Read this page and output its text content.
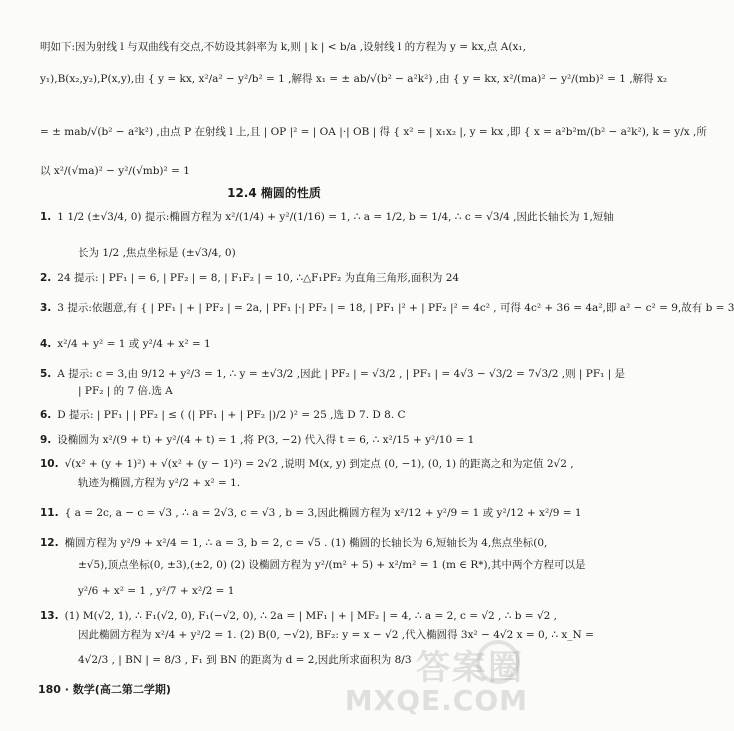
明如下:因为射线 l 与双曲线有交点,不妨设其斜率为 k,则 | k | < b/a ,设射线 l 的方程为 y = kx,点 A(x₁,
y₁),B(x₂,y₂),P(x,y),由 { y = kx, x²/a² − y²/b² = 1 ,解得 x₁ = ± ab/√(b² − a²k²) ,由 { y = kx, x²/(ma)² − y²/(mb)² = 1 ,解得 x₂
= ± mab/√(b² − a²k²) ,由点 P 在射线 l 上,且 | OP |² = | OA |·| OB | 得 { x² = | x₁x₂ |, y = kx ,即 { x = a²b²m/(b² − a²k²), k = y/x ,所
以 x²/(√ma)² − y²/(√mb)² = 1
1. 1 1/2 (±√3/4, 0) 提示:椭圆方程为 x²/(1/4) + y²/(1/16) = 1, ∴ a = 1/2, b = 1/4, ∴ c = √3/4 ,因此长轴长为 1,短轴
长为 1/2 ,焦点坐标是 (±√3/4, 0)
2. 24 提示: | PF₁ | = 6, | PF₂ | = 8, | F₁F₂ | = 10, ∴△F₁PF₂ 为直角三角形,面积为 24
3. 3 提示:依题意,有 { | PF₁ | + | PF₂ | = 2a, | PF₁ |·| PF₂ | = 18, | PF₁ |² + | PF₂ |² = 4c² , 可得 4c² + 36 = 4a²,即 a² − c² = 9,故有 b = 3
4. x²/4 + y² = 1 或 y²/4 + x² = 1
5. A 提示: c = 3,由 9/12 + y²/3 = 1, ∴ y = ±√3/2 ,因此 | PF₂ | = √3/2 , | PF₁ | = 4√3 − √3/2 = 7√3/2 ,则 | PF₁ | 是
| PF₂ | 的 7 倍.选 A
6. D 提示: | PF₁ | | PF₂ | ≤ ( (| PF₁ | + | PF₂ |)/2 )² = 25 ,选 D 7. D 8. C
9. 设椭圆为 x²/(9 + t) + y²/(4 + t) = 1 ,将 P(3, −2) 代入得 t = 6, ∴ x²/15 + y²/10 = 1
10. √(x² + (y + 1)²) + √(x² + (y − 1)²) = 2√2 ,说明 M(x, y) 到定点 (0, −1), (0, 1) 的距离之和为定值 2√2 ,
轨迹为椭圆,方程为 y²/2 + x² = 1.
11. { a = 2c, a − c = √3 , ∴ a = 2√3, c = √3 , b = 3,因此椭圆方程为 x²/12 + y²/9 = 1 或 y²/12 + x²/9 = 1
12. 椭圆方程为 y²/9 + x²/4 = 1, ∴ a = 3, b = 2, c = √5 . (1) 椭圆的长轴长为 6,短轴长为 4,焦点坐标(0,
±√5),顶点坐标(0, ±3),(±2, 0) (2) 设椭圆方程为 y²/(m² + 5) + x²/m² = 1 (m ∈ R*),其中两个方程可以是
y²/6 + x² = 1 , y²/7 + x²/2 = 1
13. (1) M(√2, 1), ∴ F₁(√2, 0), F₁(−√2, 0), ∴ 2a = | MF₁ | + | MF₂ | = 4, ∴ a = 2, c = √2 , ∴ b = √2 ,
因此椭圆方程为 x²/4 + y²/2 = 1. (2) B(0, −√2), BF₂: y = x − √2 ,代入椭圆得 3x² − 4√2 x = 0, ∴ x_N =
4√2/3 , | BN | = 8/3 , F₁ 到 BN 的距离为 d = 2,因此所求面积为 8/3
12.4 椭圆的性质
180 · 数学(高二第二学期)
答案圈
MXQE.COM
